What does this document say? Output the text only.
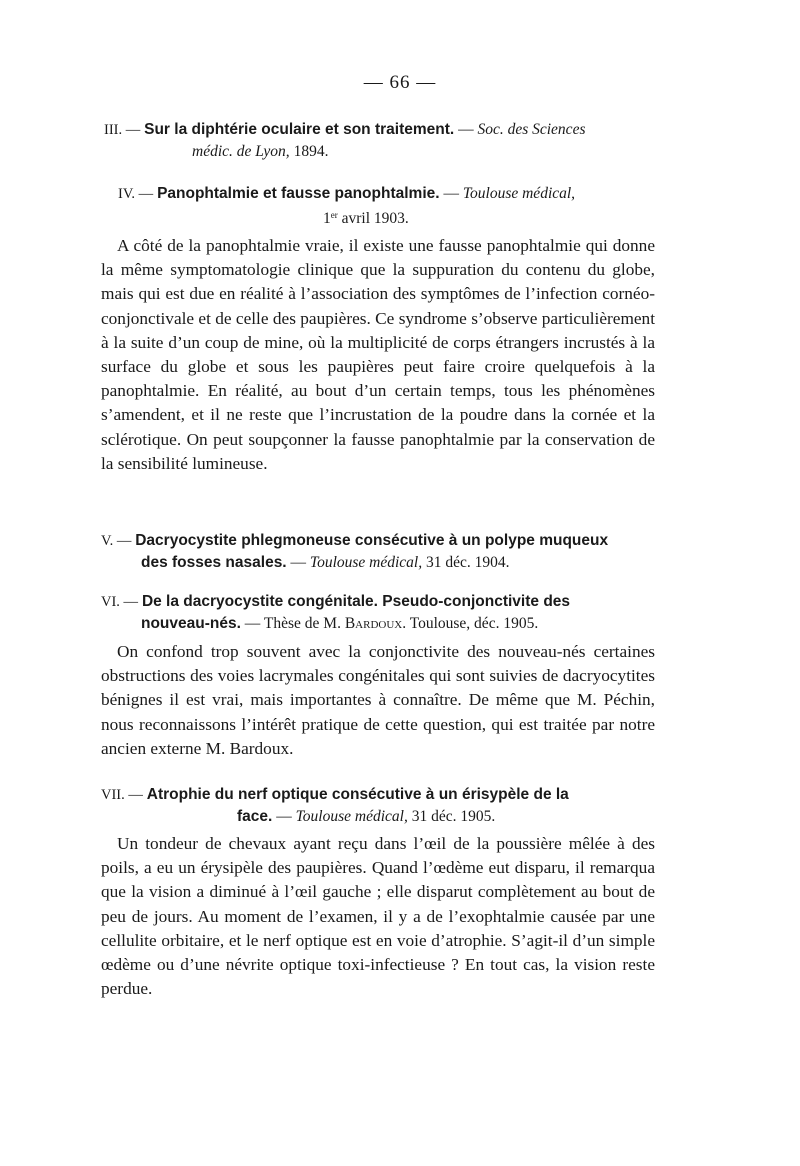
— 66 —
III. — Sur la diphtérie oculaire et son traitement. — Soc. des Sciences
médic. de Lyon, 1894.
IV. — Panophtalmie et fausse panophtalmie. — Toulouse médical,
1er avril 1903.
A côté de la panophtalmie vraie, il existe une fausse panophtalmie qui donne la même symptomatologie clinique que la suppuration du contenu du globe, mais qui est due en réalité à l’association des symptômes de l’infection cornéo-conjonctivale et de celle des paupières. Ce syndrome s’observe particulièrement à la suite d’un coup de mine, où la multiplicité de corps étrangers incrustés à la surface du globe et sous les paupières peut faire croire quelquefois à la panophtalmie. En réalité, au bout d’un certain temps, tous les phénomènes s’amendent, et il ne reste que l’incrustation de la poudre dans la cornée et la sclérotique. On peut soupçonner la fausse panophtalmie par la conservation de la sensibilité lumineuse.
V. — Dacryocystite phlegmoneuse consécutive à un polype muqueux
des fosses nasales. — Toulouse médical, 31 déc. 1904.
VI. — De la dacryocystite congénitale. Pseudo-conjonctivite des
nouveau-nés. — Thèse de M. Bardoux. Toulouse, déc. 1905.
On confond trop souvent avec la conjonctivite des nouveau-nés certaines obstructions des voies lacrymales congénitales qui sont suivies de dacryocytites bénignes il est vrai, mais importantes à connaître. De même que M. Péchin, nous reconnaissons l’intérêt pratique de cette question, qui est traitée par notre ancien externe M. Bardoux.
VII. — Atrophie du nerf optique consécutive à un érisypèle de la
face. — Toulouse médical, 31 déc. 1905.
Un tondeur de chevaux ayant reçu dans l’œil de la poussière mêlée à des poils, a eu un érysipèle des paupières. Quand l’œdème eut disparu, il remarqua que la vision a diminué à l’œil gauche ; elle disparut complètement au bout de peu de jours. Au moment de l’examen, il y a de l’exophtalmie causée par une cellulite orbitaire, et le nerf optique est en voie d’atrophie. S’agit-il d’un simple œdème ou d’une névrite optique toxi-infectieuse ? En tout cas, la vision reste perdue.
